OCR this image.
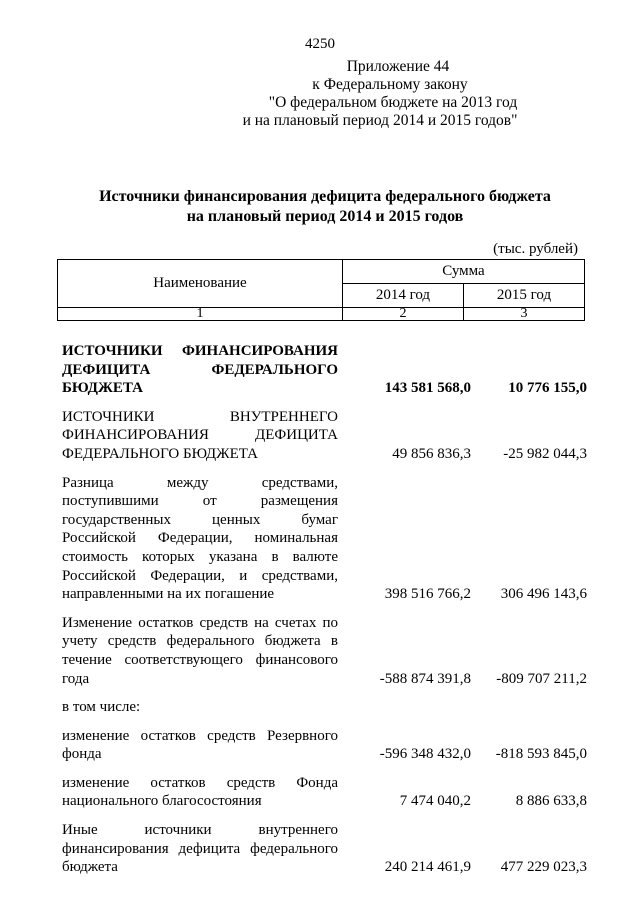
4250
Приложение 44
к Федеральному закону
"О федеральном бюджете на 2013 год
и на плановый период 2014 и 2015 годов"
Источники финансирования дефицита федерального бюджета
на плановый период 2014 и 2015 годов
(тыс. рублей)
Наименование	Сумма	
	2014 год	2015 год
1	2	3
ИСТОЧНИКИ ФИНАНСИРОВАНИЯ ДЕФИЦИТА ФЕДЕРАЛЬНОГО БЮДЖЕТА	143 581 568,0	10 776 155,0
ИСТОЧНИКИ ВНУТРЕННЕГО ФИНАНСИРОВАНИЯ ДЕФИЦИТА ФЕДЕРАЛЬНОГО БЮДЖЕТА	49 856 836,3	-25 982 044,3
Разница между средствами, поступившими от размещения государственных ценных бумаг Российской Федерации, номинальная стоимость которых указана в валюте Российской Федерации, и средствами, направленными на их погашение	398 516 766,2	306 496 143,6
Изменение остатков средств на счетах по учету средств федерального бюджета в течение соответствующего финансового года	-588 874 391,8	-809 707 211,2
в том числе:
изменение остатков средств Резервного фонда	-596 348 432,0	-818 593 845,0
изменение остатков средств Фонда национального благосостояния	7 474 040,2	8 886 633,8
Иные источники внутреннего финансирования дефицита федерального бюджета	240 214 461,9	477 229 023,3
